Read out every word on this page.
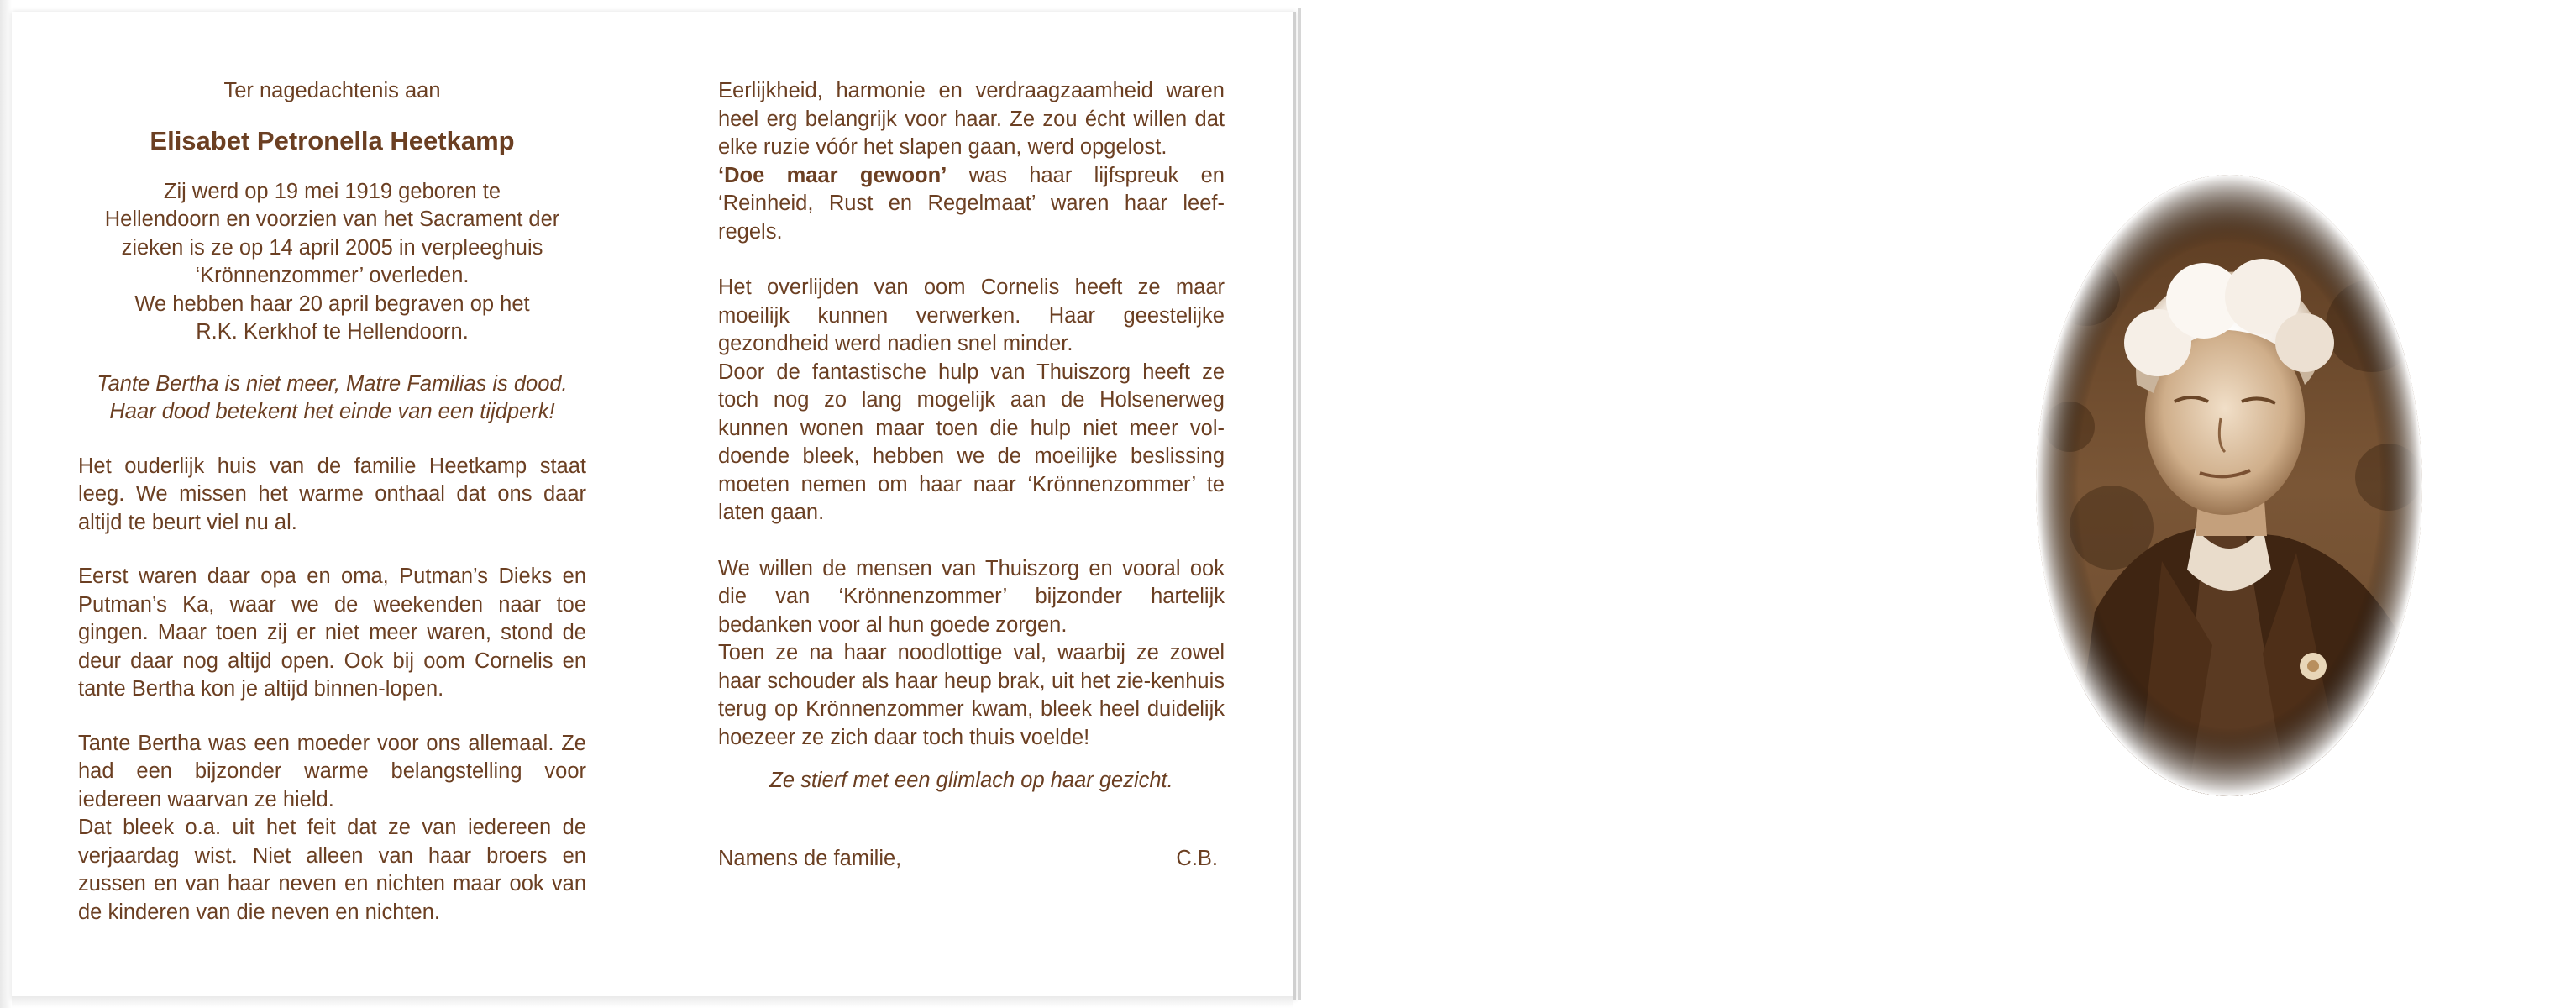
Ter nagedachtenis aan

Elisabet Petronella Heetkamp

Zij werd op 19 mei 1919 geboren te
Hellendoorn en voorzien van het Sacrament der
zieken is ze op 14 april 2005 in verpleeghuis
‘Krönnenzommer’ overleden.
We hebben haar 20 april begraven op het
R.K. Kerkhof te Hellendoorn.
Tante Bertha is niet meer, Matre Familias is dood.
Haar dood betekent het einde van een tijdperk!

Het ouderlijk huis van de familie Heetkamp staat leeg. We missen het warme onthaal dat ons daar altijd te beurt viel nu al.

Eerst waren daar opa en oma, Putman’s Dieks en Putman’s Ka, waar we de weekenden naar toe gingen. Maar toen zij er niet meer waren, stond de deur daar nog altijd open. Ook bij oom Cornelis en tante Bertha kon je altijd binnen-lopen.

Tante Bertha was een moeder voor ons allemaal. Ze had een bijzonder warme belangstelling voor iedereen waarvan ze hield.

Dat bleek o.a. uit het feit dat ze van iedereen de verjaardag wist. Niet alleen van haar broers en zussen en van haar neven en nichten maar ook van de kinderen van die neven en nichten.

Eerlijkheid, harmonie en verdraagzaamheid waren heel erg belangrijk voor haar. Ze zou écht willen dat elke ruzie vóór het slapen gaan, werd opgelost.

‘Doe maar gewoon’ was haar lijfspreuk en ‘Reinheid, Rust en Regelmaat’ waren haar leef-regels.

Het overlijden van oom Cornelis heeft ze maar moeilijk kunnen verwerken. Haar geestelijke gezondheid werd nadien snel minder.

Door de fantastische hulp van Thuiszorg heeft ze toch nog zo lang mogelijk aan de Holsenerweg kunnen wonen maar toen die hulp niet meer vol-doende bleek, hebben we de moeilijke beslissing moeten nemen om haar naar ‘Krönnenzommer’ te laten gaan.

We willen de mensen van Thuiszorg en vooral ook die van ‘Krönnenzommer’ bijzonder hartelijk bedanken voor al hun goede zorgen.

Toen ze na haar noodlottige val, waarbij ze zowel haar schouder als haar heup brak, uit het zie-kenhuis terug op Krönnenzommer kwam, bleek heel duidelijk hoezeer ze zich daar toch thuis voelde!

Ze stierf met een glimlach op haar gezicht.

Namens de familie,	C.B.
